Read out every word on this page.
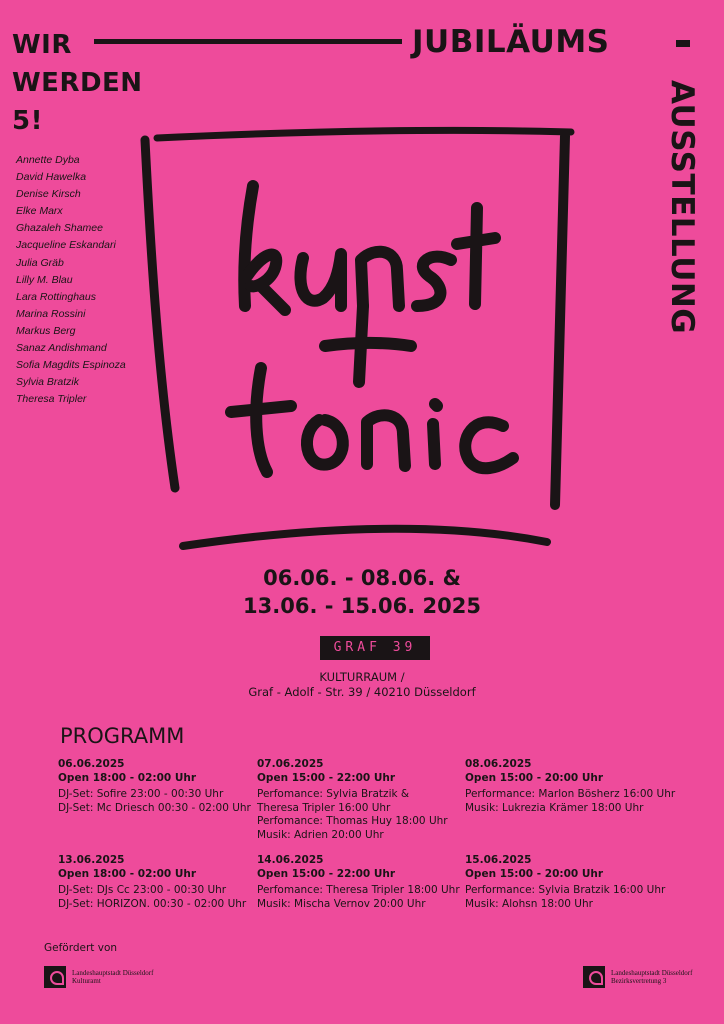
WIR
WERDEN
5!
JUBILÄUMS
AUSSTELLUNG
Annette Dyba
David Hawelka
Denise Kirsch
Elke Marx
Ghazaleh Shamee
Jacqueline Eskandari
Julia Gräb
Lilly M. Blau
Lara Rottinghaus
Marina Rossini
Markus Berg
Sanaz Andishmand
Sofia Magdits Espinoza
Sylvia Bratzik
Theresa Tripler
06.06. - 08.06. &
13.06. - 15.06. 2025
GRAF 39
KULTURRAUM /
Graf - Adolf - Str. 39 / 40210 Düsseldorf
PROGRAMM
06.06.2025
Open 18:00 - 02:00 Uhr
DJ-Set: Sofire 23:00 - 00:30 Uhr
DJ-Set: Mc Driesch 00:30 - 02:00 Uhr
07.06.2025
Open 15:00 - 22:00 Uhr
Perfomance: Sylvia Bratzik &
Theresa Tripler 16:00 Uhr
Perfomance: Thomas Huy 18:00 Uhr
Musik: Adrien 20:00 Uhr
08.06.2025
Open 15:00 - 20:00 Uhr
Performance: Marlon Bösherz 16:00 Uhr
Musik: Lukrezia Krämer 18:00 Uhr
13.06.2025
Open 18:00 - 02:00 Uhr
DJ-Set: DJs Cc 23:00 - 00:30 Uhr
DJ-Set: HORIZON. 00:30 - 02:00 Uhr
14.06.2025
Open 15:00 - 22:00 Uhr
Perfomance: Theresa Tripler 18:00 Uhr
Musik: Mischa Vernov 20:00 Uhr
15.06.2025
Open 15:00 - 20:00 Uhr
Performance: Sylvia Bratzik 16:00 Uhr
Musik: Alohsn 18:00 Uhr
Gefördert von
Landeshauptstadt Düsseldorf
Kulturamt
Landeshauptstadt Düsseldorf
Bezirksvertretung 3
